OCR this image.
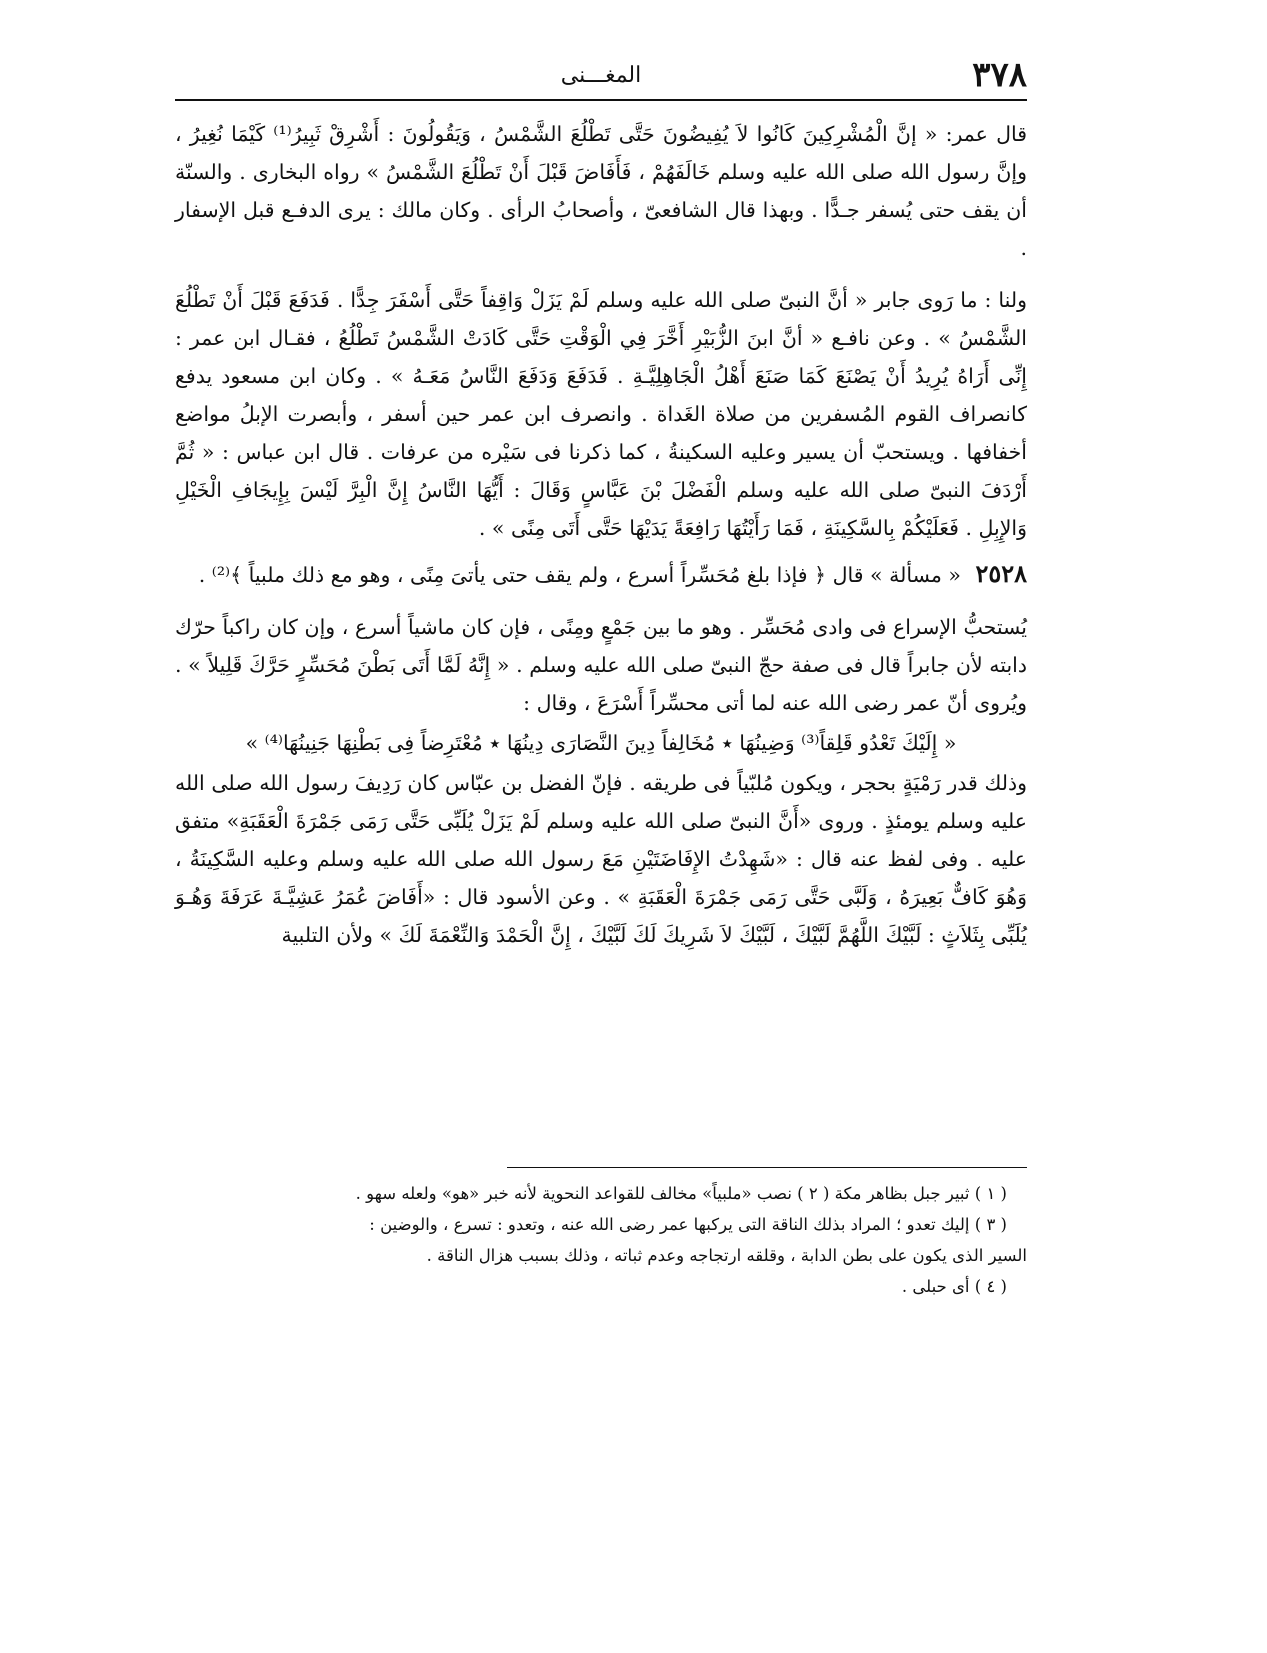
٣٧٨
المغـــنى

قال عمر: « إنَّ الْمُشْرِكِينَ كَانُوا لاَ يُفِيضُونَ حَتَّى تَطْلُعَ الشَّمْسُ ، وَيَقُولُونَ : أَشْرِقْ ثَبِيرُ⁽¹⁾ كَيْمَا نُغِيرُ ، وإنَّ رسول الله صلى الله عليه وسلم خَالَفَهُمْ ، فَأَفَاضَ قَبْلَ أَنْ تَطْلُعَ الشَّمْسُ » رواه البخارى . والسنّة أن يقف حتى يُسفر جـدًّا . وبهذا قال الشافعىّ ، وأصحابُ الرأى . وكان مالك : يرى الدفـع قبل الإسفار .

ولنا : ما رَوى جابر « أنَّ النبىّ صلى الله عليه وسلم لَمْ يَزَلْ وَاقِفاً حَتَّى أَسْفَرَ جِدًّا . فَدَفَعَ قَبْلَ أَنْ تَطْلُعَ الشَّمْسُ » . وعن نافـع « أنَّ ابنَ الزُّبَيْرِ أَخَّرَ فِي الْوَقْتِ حَتَّى كَادَتْ الشَّمْسُ تَطْلُعُ ، فقـال ابن عمر : إِنِّى أَرَاهُ يُرِيدُ أَنْ يَصْنَعَ كَمَا صَنَعَ أَهْلُ الْجَاهِلِيَّـةِ . فَدَفَعَ وَدَفَعَ النَّاسُ مَعَـهُ » . وكان ابن مسعود يدفع كانصراف القوم المُسفرين من صلاة الغَداة . وانصرف ابن عمر حين أسفر ، وأبصرت الإبلُ مواضع أخفافها . ويستحبّ أن يسير وعليه السكينةُ ، كما ذكرنا فى سَيْره من عرفات . قال ابن عباس : « ثُمَّ أَرْدَفَ النبىّ صلى الله عليه وسلم الْفَضْلَ بْنَ عَبَّاسٍ وَقَالَ : أَيُّهَا النَّاسُ إِنَّ الْبِرَّ لَيْسَ بِإِيجَافِ الْخَيْلِ وَالإِبِلِ . فَعَلَيْكُمْ بِالسَّكِينَةِ ، فَمَا رَأَيْتُهَا رَافِعَةً يَدَيْهَا حَتَّى أَتَى مِنًى » .

٢٥٢٨ « مسألة » قال ﴿ فإذا بلغ مُحَسِّراً أسرع ، ولم يقف حتى يأتىَ مِنًى ، وهو مع ذلك ملبياً ﴾⁽²⁾ .

يُستحبُّ الإسراع فى وادى مُحَسِّر . وهو ما بين جَمْعٍ ومِنًى ، فإن كان ماشياً أسرع ، وإن كان راكباً حرّك دابته لأن جابراً قال فى صفة حجّ النبىّ صلى الله عليه وسلم . « إِنَّهُ لَمَّا أَتَى بَطْنَ مُحَسِّرٍ حَرَّكَ قَلِيلاً » . ويُروى أنّ عمر رضى الله عنه لما أتى محسِّراً أَسْرَعَ ، وقال :

« إِلَيْكَ تَعْدُو قَلِقاً⁽³⁾ وَضِينُهَا ٭ مُخَالِفاً دِينَ النَّصَارَى دِينُهَا ٭ مُعْتَرِضاً فِى بَطْنِهَا جَنِينُهَا⁽⁴⁾ »

وذلك قدر رَمْيَةٍ بحجر ، ويكون مُلبّياً فى طريقه . فإنّ الفضل بن عبّاس كان رَدِيفَ رسول الله صلى الله عليه وسلم يومئذٍ . وروى «أَنَّ النبىّ صلى الله عليه وسلم لَمْ يَزَلْ يُلَبِّى حَتَّى رَمَى جَمْرَةَ الْعَقَبَةِ» متفق عليه . وفى لفظ عنه قال : «شَهِدْتُ الإِفَاضَتَيْنِ مَعَ رسول الله صلى الله عليه وسلم وعليه السَّكِينَةُ ، وَهُوَ كَافٌّ بَعِيرَهُ ، وَلَبَّى حَتَّى رَمَى جَمْرَةَ الْعَقَبَةِ » . وعن الأسود قال : «أَفَاضَ عُمَرُ عَشِيَّـةَ عَرَفَةَ وَهُـوَ يُلَبِّى بِثَلاَثٍ : لَبَّيْكَ اللَّهُمَّ لَبَّيْكَ ، لَبَّيْكَ لاَ شَرِيكَ لَكَ لَبَّيْكَ ، إِنَّ الْحَمْدَ وَالنِّعْمَةَ لَكَ » ولأن التلبية

( ١ ) ثبير جبل بظاهر مكة ( ٢ ) نصب «ملبياً» مخالف للقواعد النحوية لأنه خبر «هو» ولعله سهو .

( ٣ ) إليك تعدو ؛ المراد بذلك الناقة التى يركبها عمر رضى الله عنه ، وتعدو : تسرع ، والوضين :

السير الذى يكون على بطن الدابة ، وقلقه ارتجاجه وعدم ثباته ، وذلك بسبب هزال الناقة .

( ٤ ) أى حبلى .
